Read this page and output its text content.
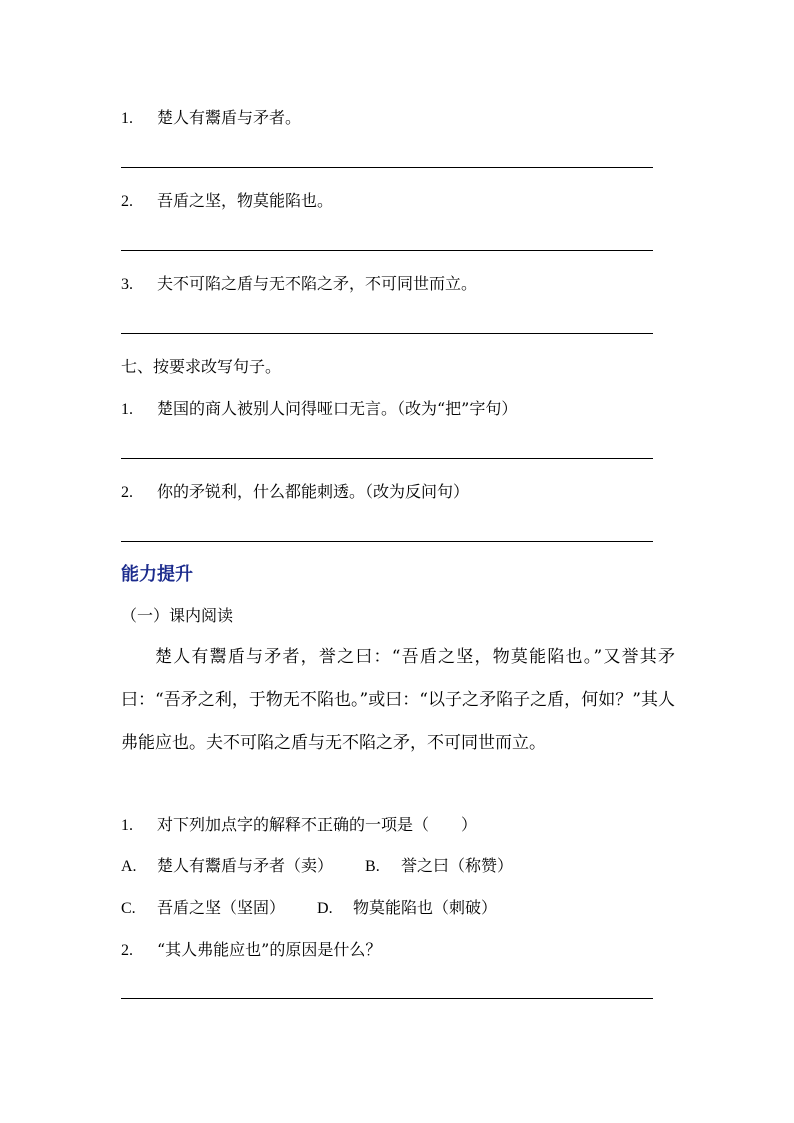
1. 楚人有鬻盾与矛者。
2. 吾盾之坚，物莫能陷也。
3. 夫不可陷之盾与无不陷之矛，不可同世而立。
七、按要求改写句子。
1. 楚国的商人被别人问得哑口无言。（改为“把”字句）
2. 你的矛锐利，什么都能刺透。（改为反问句）
能力提升
（一）课内阅读
楚人有鬻盾与矛者，誉之曰：“吾盾之坚，物莫能陷也。”又誉其矛曰：“吾矛之利，于物无不陷也。”或曰：“以子之矛陷子之盾，何如？”其人弗能应也。夫不可陷之盾与无不陷之矛，不可同世而立。
1. 对下列加点字的解释不正确的一项是（　　）
A. 楚人有鬻盾与矛者（卖） B. 誉之曰（称赞）
C. 吾盾之坚（坚固） D. 物莫能陷也（刺破）
2. “其人弗能应也”的原因是什么？
